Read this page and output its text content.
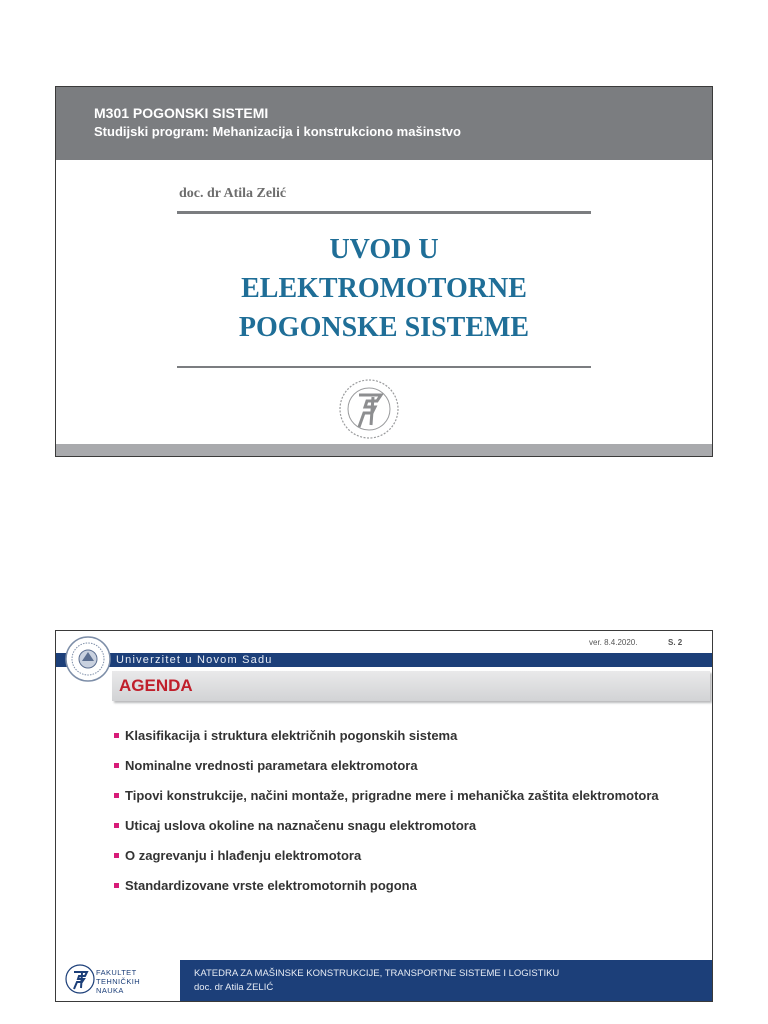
M301 POGONSKI SISTEMI
Studijski program: Mehanizacija i konstrukciono mašinstvo
doc. dr Atila Zelić
UVOD U
ELEKTROMOTORNE
POGONSKE SISTEME
ver. 8.4.2020.	S. 2
Univerzitet u Novom Sadu
AGENDA
Klasifikacija i struktura električnih pogonskih sistema
Nominalne vrednosti parametara elektromotora
Tipovi konstrukcije, načini montaže, prigradne mere i mehanička zaštita elektromotora
Uticaj uslova okoline na naznačenu snagu elektromotora
O zagrevanju i hlađenju elektromotora
Standardizovane vrste elektromotornih pogona
FAKULTET
TEHNIČKIH
NAUKA
KATEDRA ZA MAŠINSKE KONSTRUKCIJE, TRANSPORTNE SISTEME I LOGISTIKU
doc. dr Atila ZELIĆ
